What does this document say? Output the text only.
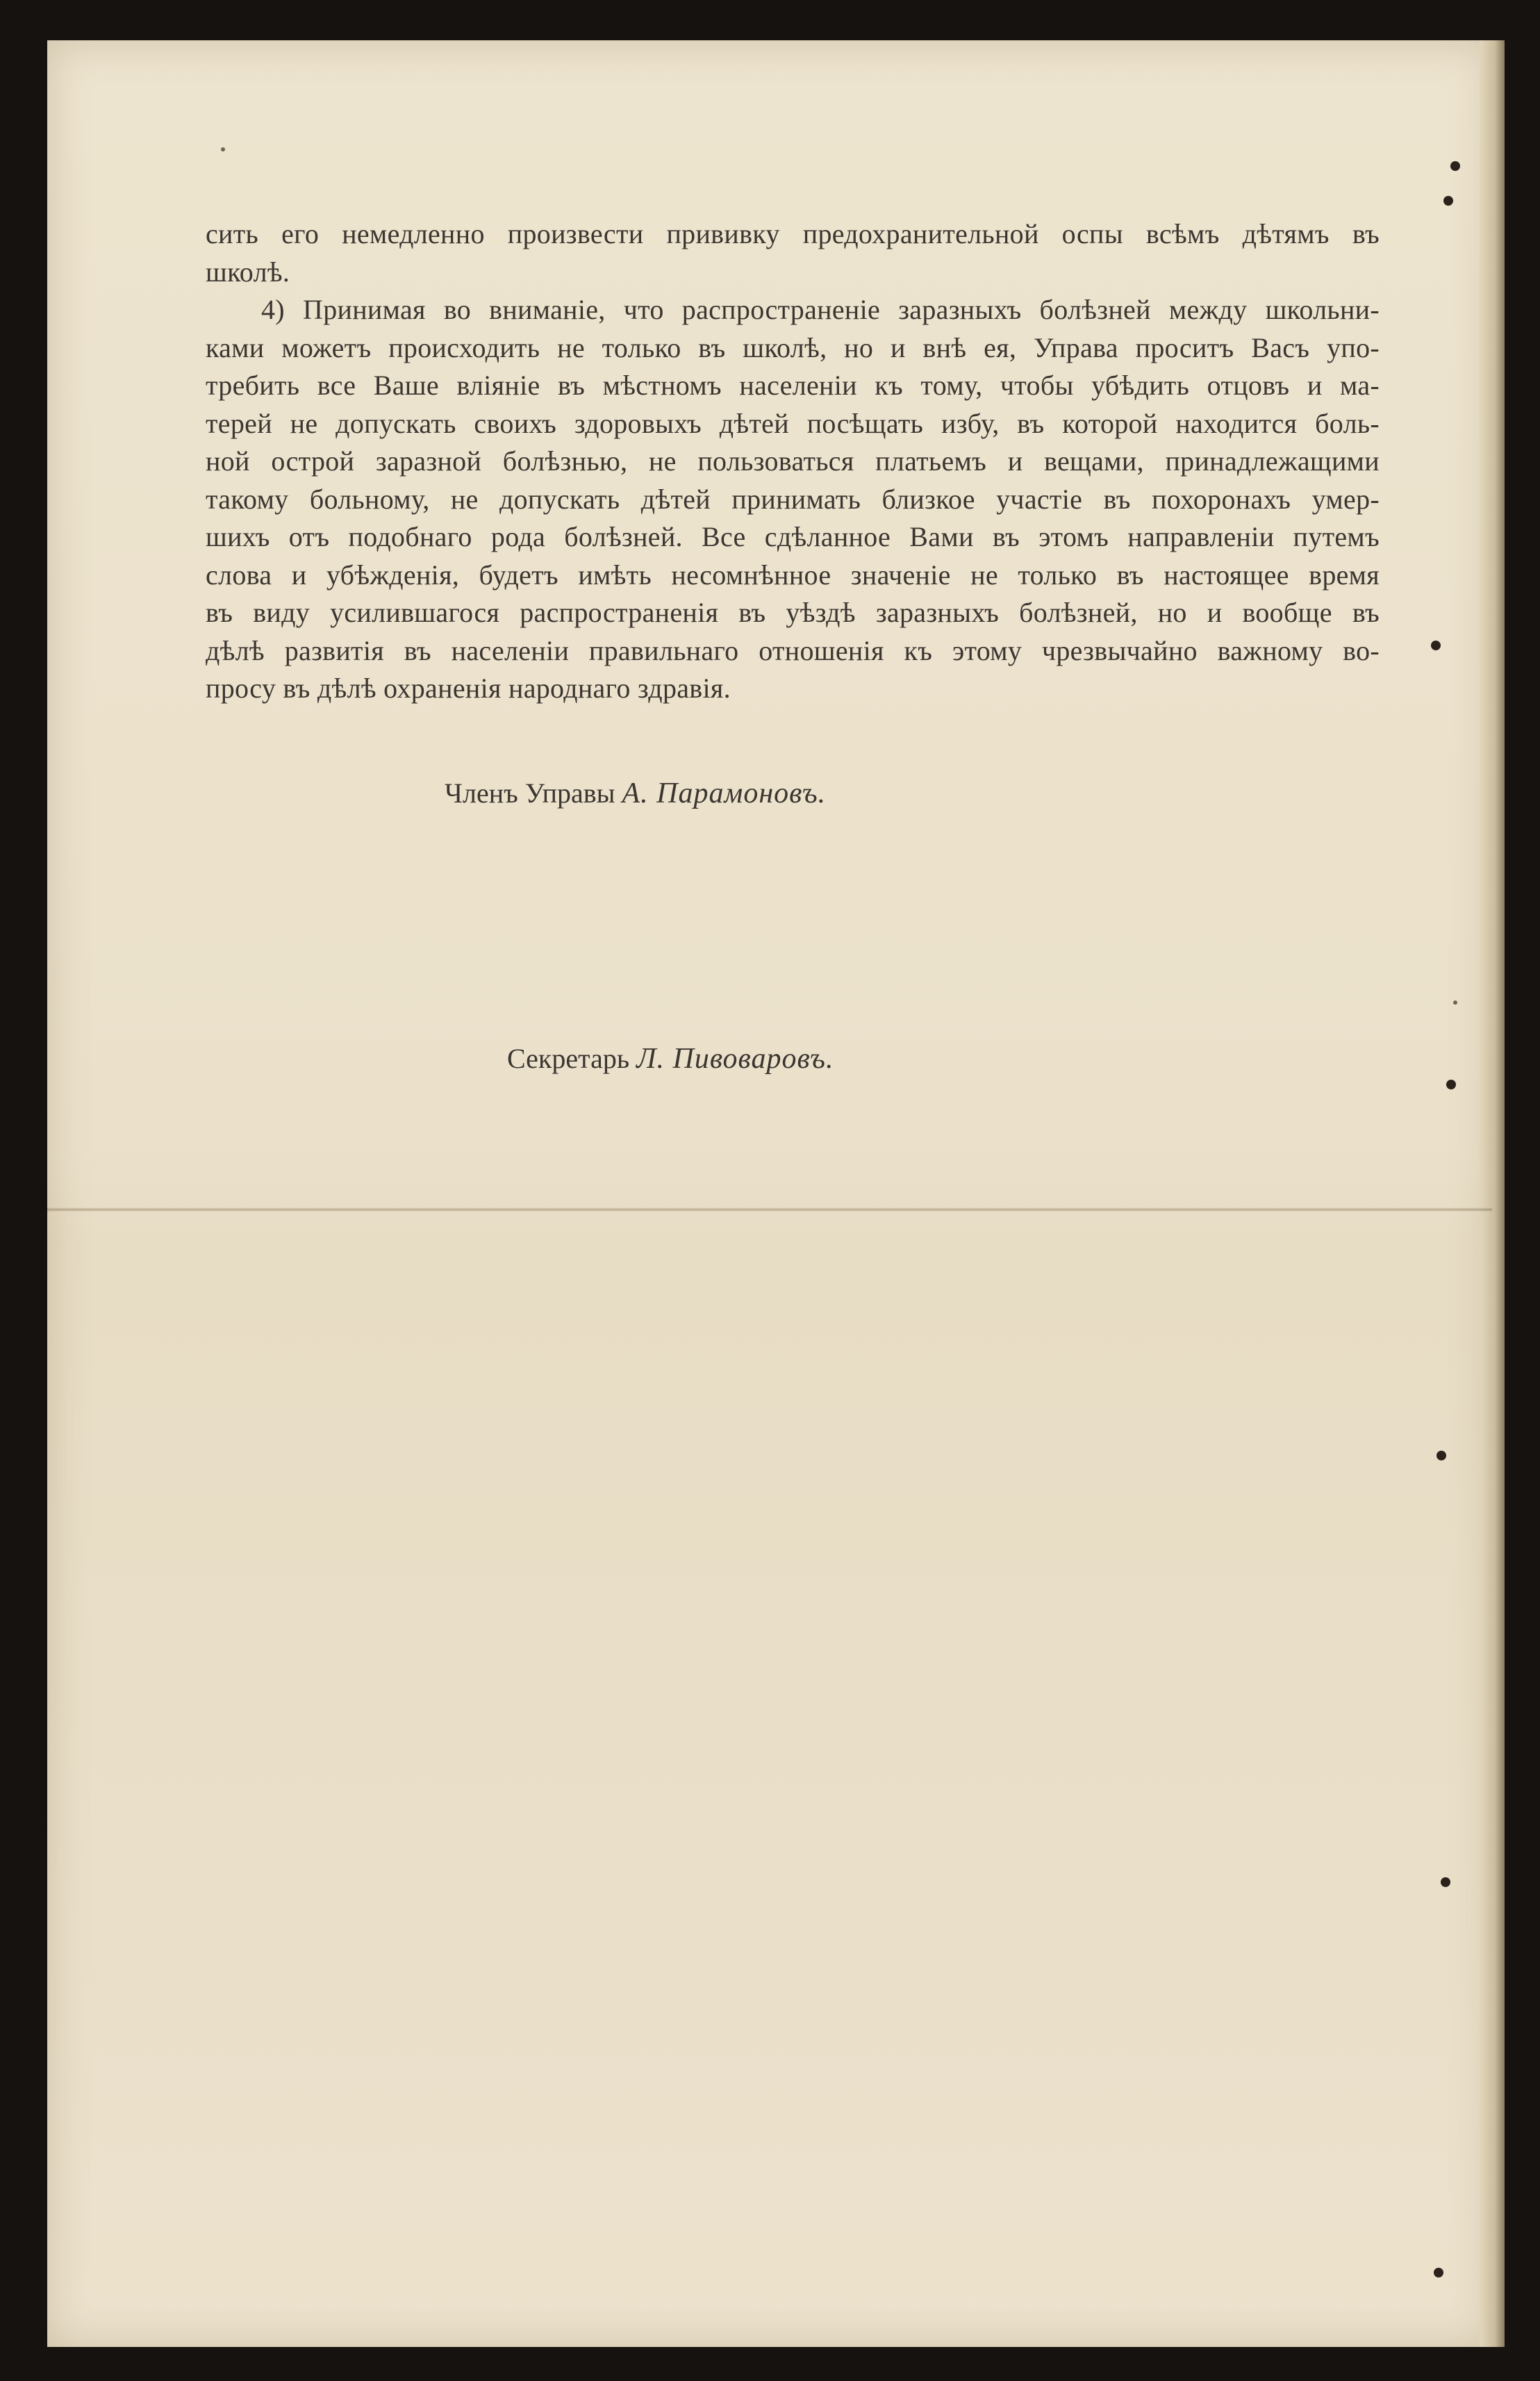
сить его немедленно произвести прививку предохранительной оспы всѣмъ дѣтямъ въ
школѣ.
4) Принимая во вниманіе, что распространеніе заразныхъ болѣзней между школьни-
ками можетъ происходить не только въ школѣ, но и внѣ ея, Управа проситъ Васъ упо-
требить все Ваше вліяніе въ мѣстномъ населеніи къ тому, чтобы убѣдить отцовъ и ма-
терей не допускать своихъ здоровыхъ дѣтей посѣщать избу, въ которой находится боль-
ной острой заразной болѣзнью, не пользоваться платьемъ и вещами, принадлежащими
такому больному, не допускать дѣтей принимать близкое участіе въ похоронахъ умер-
шихъ отъ подобнаго рода болѣзней. Все сдѣланное Вами въ этомъ направленіи путемъ
слова и убѣжденія, будетъ имѣть несомнѣнное значеніе не только въ настоящее время
въ виду усилившагося распространенія въ уѣздѣ заразныхъ болѣзней, но и вообще въ
дѣлѣ развитія въ населеніи правильнаго отношенія къ этому чрезвычайно важному во-
просу въ дѣлѣ охраненія народнаго здравія.
Членъ Управы А. Парамоновъ.
Секретарь Л. Пивоваровъ.
